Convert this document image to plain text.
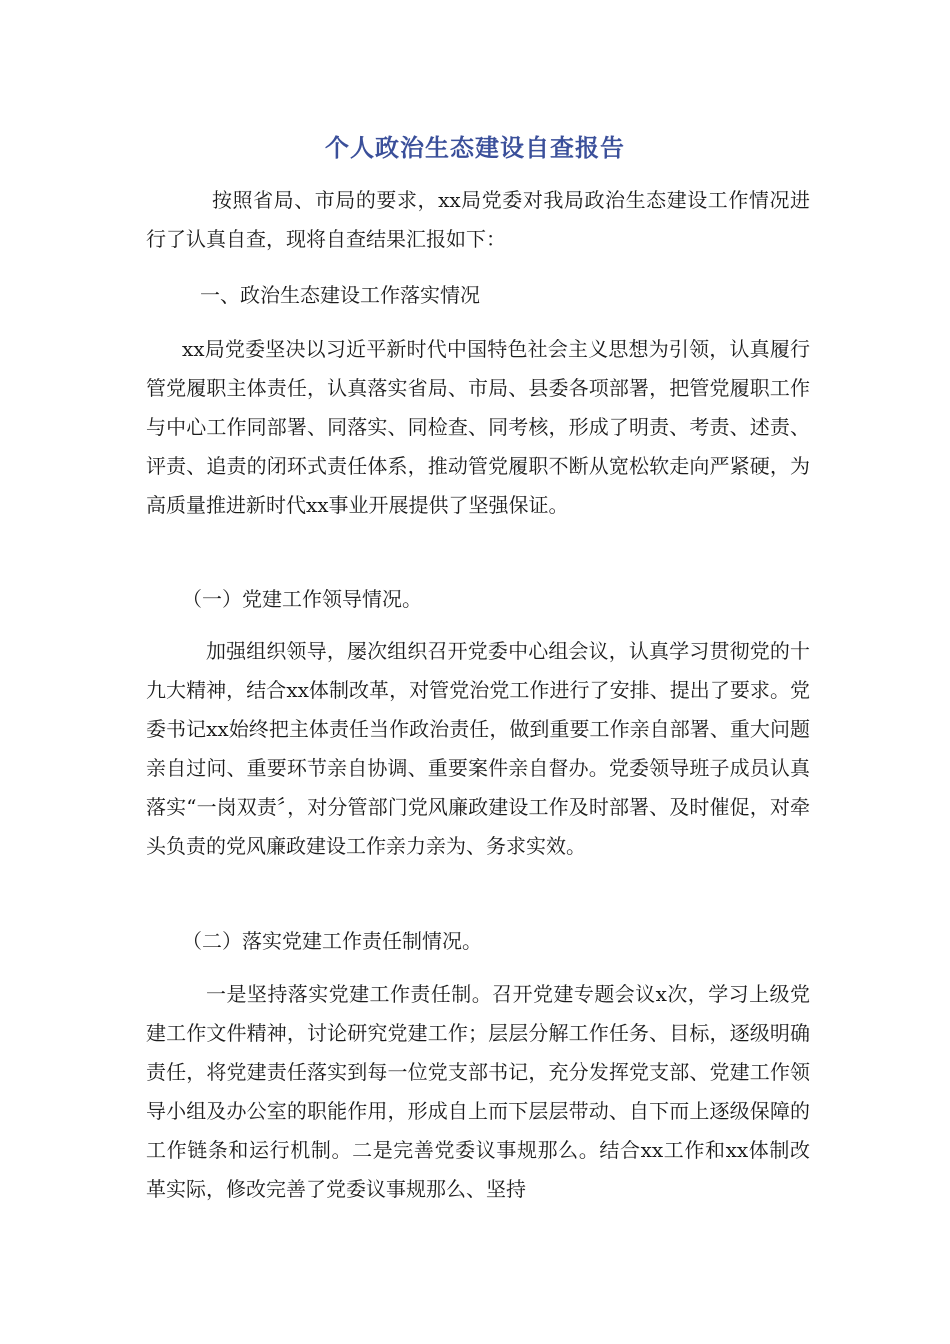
个人政治生态建设自查报告

按照省局、市局的要求，xx局党委对我局政治生态建设工作情况进行了认真自查，现将自查结果汇报如下：

一、政治生态建设工作落实情况

xx局党委坚决以习近平新时代中国特色社会主义思想为引领，认真履行管党履职主体责任，认真落实省局、市局、县委各项部署，把管党履职工作与中心工作同部署、同落实、同检查、同考核，形成了明责、考责、述责、评责、追责的闭环式责任体系，推动管党履职不断从宽松软走向严紧硬，为高质量推进新时代xx事业开展提供了坚强保证。

（一）党建工作领导情况。

加强组织领导，屡次组织召开党委中心组会议，认真学习贯彻党的十九大精神，结合xx体制改革，对管党治党工作进行了安排、提出了要求。党委书记xx始终把主体责任当作政治责任，做到重要工作亲自部署、重大问题亲自过问、重要环节亲自协调、重要案件亲自督办。党委领导班子成员认真落实“一岗双责〞，对分管部门党风廉政建设工作及时部署、及时催促，对牵头负责的党风廉政建设工作亲力亲为、务求实效。

（二）落实党建工作责任制情况。

一是坚持落实党建工作责任制。召开党建专题会议x次，学习上级党建工作文件精神，讨论研究党建工作；层层分解工作任务、目标，逐级明确责任，将党建责任落实到每一位党支部书记，充分发挥党支部、党建工作领导小组及办公室的职能作用，形成自上而下层层带动、自下而上逐级保障的工作链条和运行机制。二是完善党委议事规那么。结合xx工作和xx体制改革实际，修改完善了党委议事规那么、坚持
